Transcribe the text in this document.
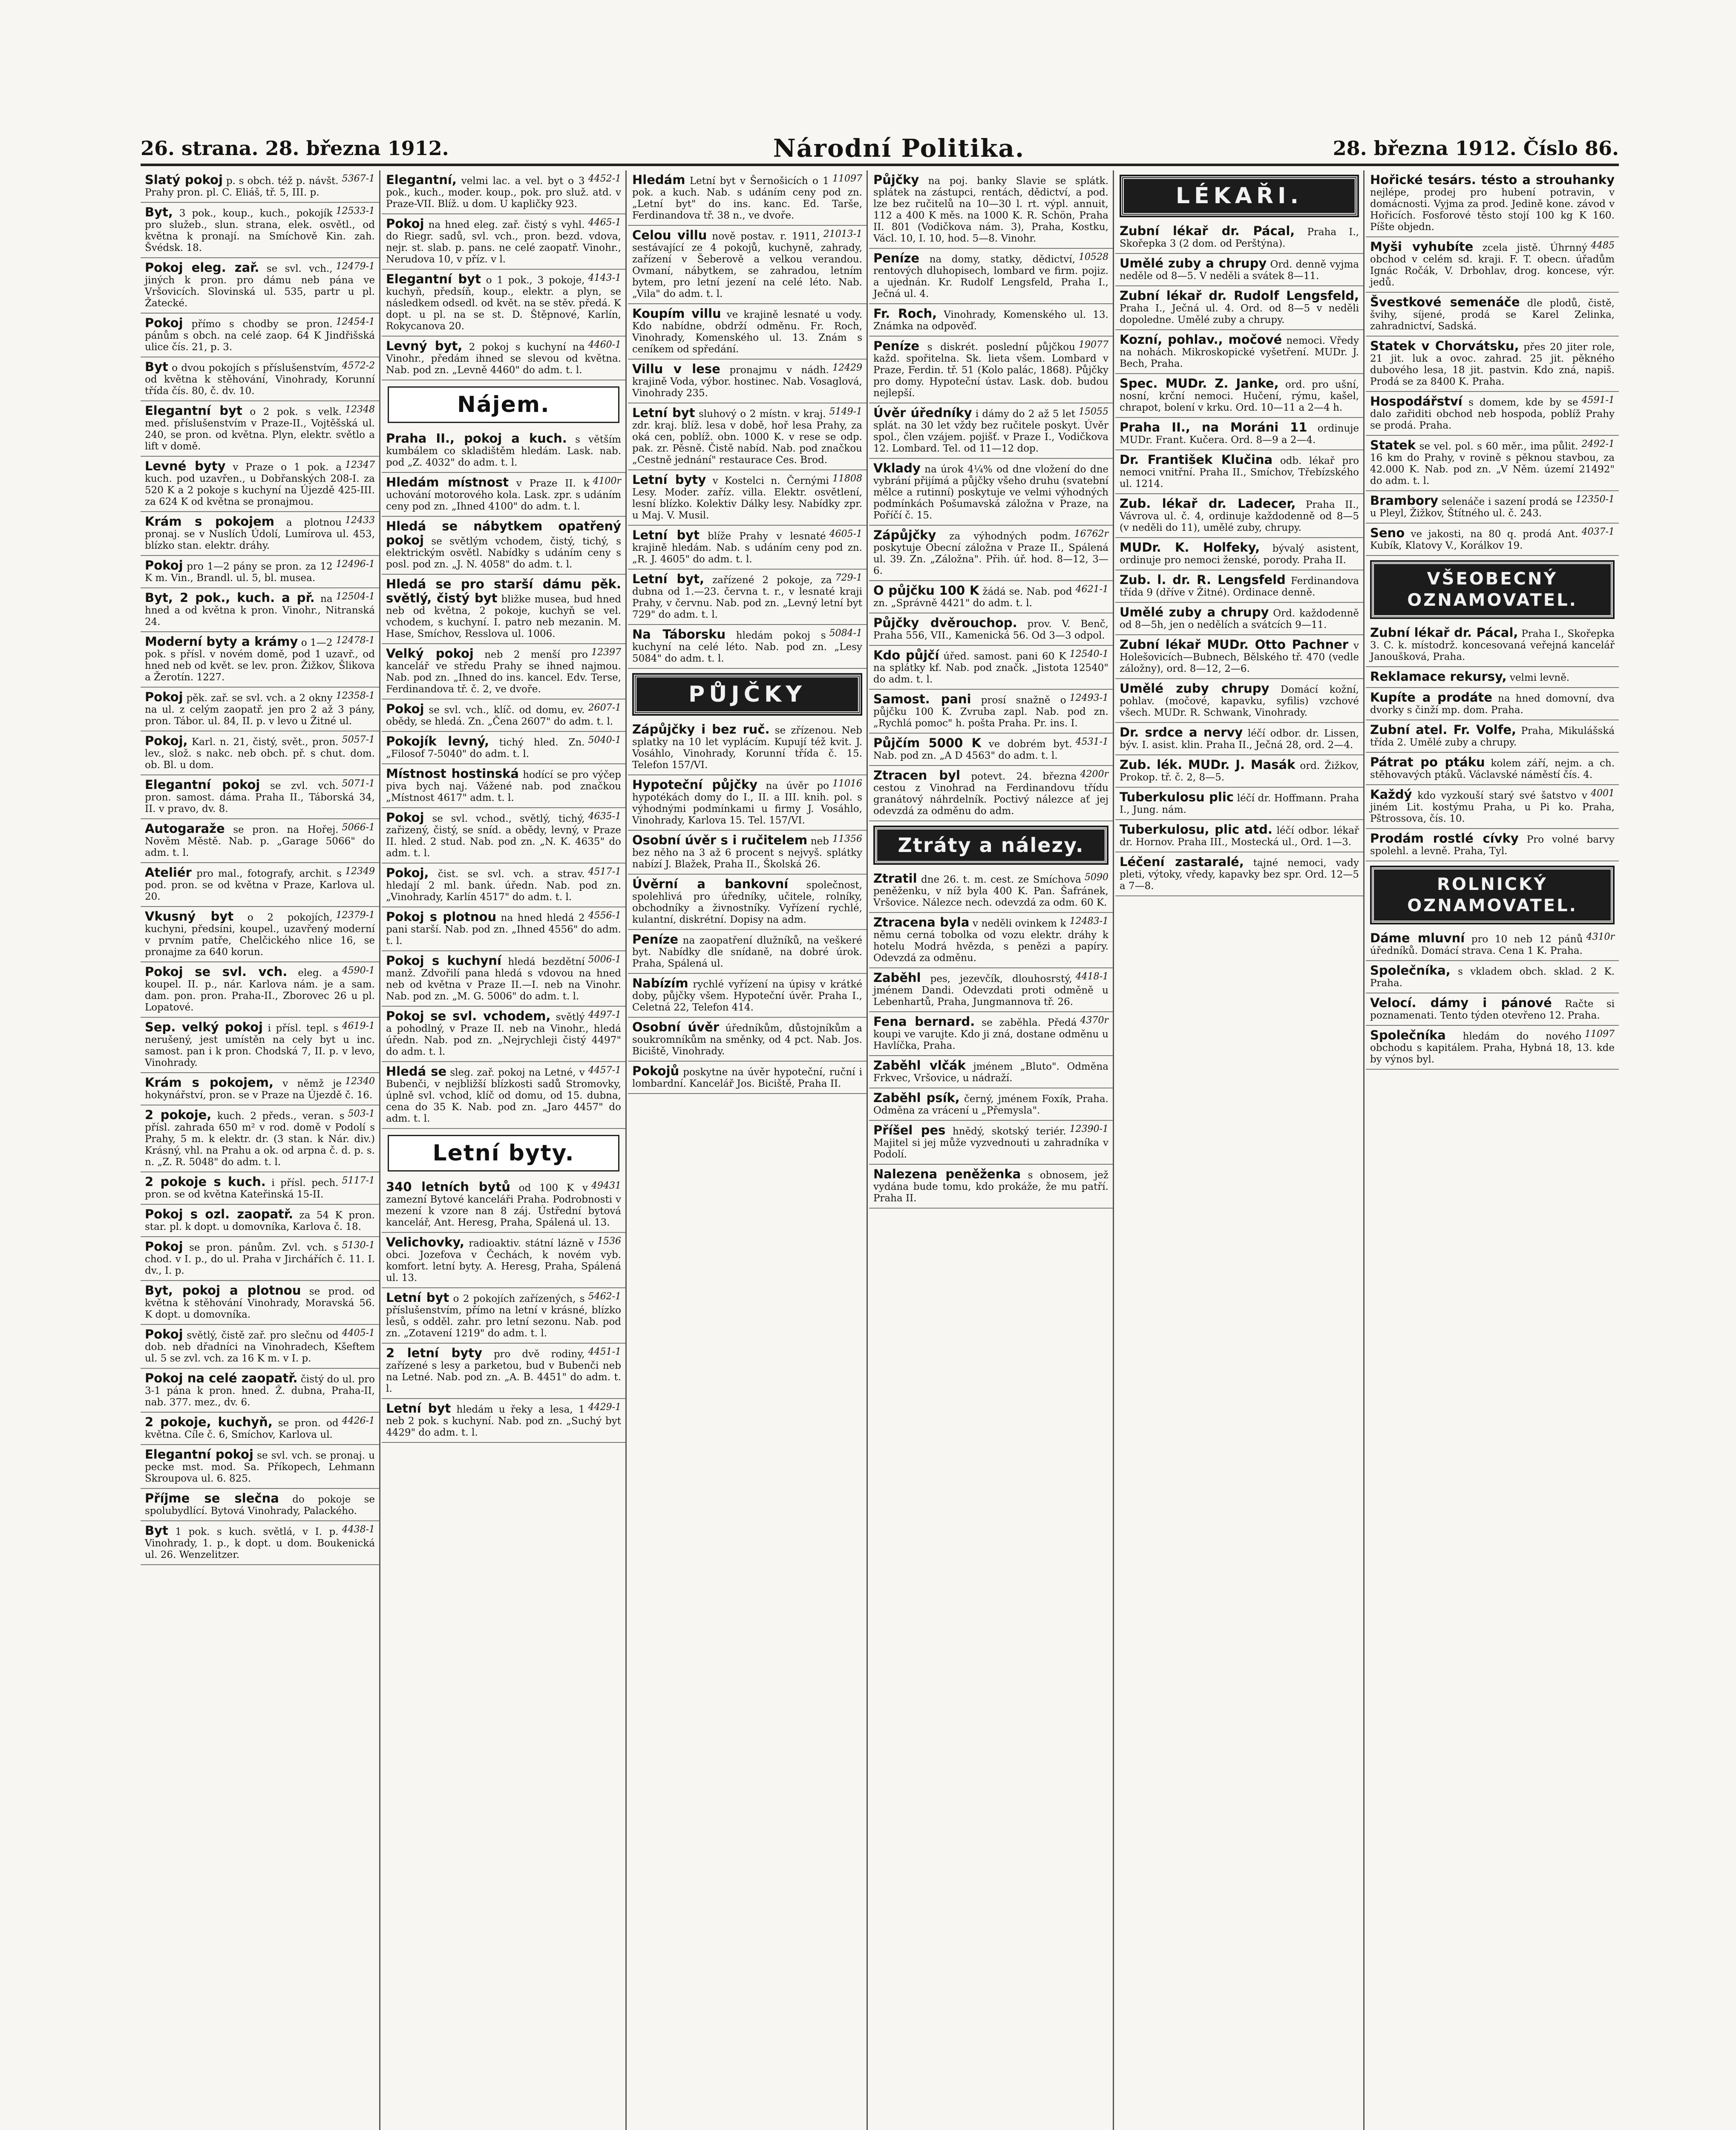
26. strana. 28. března 1912.	Národní Politika.	28. března 1912. Číslo 86.
5367-1
Slatý pokoj p. s obch. též p. návšt. Prahy pron. pl. C. Eliáš, tř. 5, III. p.
12533-1
Byt, 3 pok., koup., kuch., pokojík pro služeb., slun. strana, elek. osvětl., od května k pronají. na Smíchově Kin. zah. Švédsk. 18.
12479-1
Pokoj eleg. zař. se svl. vch., jiných k pron. pro dámu neb pána ve Vršovicích. Slovinská ul. 535, partr u pl. Žatecké.
12454-1
Pokoj přímo s chodby se pron. pánům s obch. na celé zaop. 64 K Jindřišská ulice čís. 21, p. 3.
4572-2
Byt o dvou pokojích s příslušenstvím, od května k stěhování, Vinohrady, Korunní třída čís. 80, č. dv. 10.
12348
Elegantní byt o 2 pok. s velk. med. příslušenstvím v Praze-II., Vojtěšská ul. 240, se pron. od května. Plyn, elektr. světlo a lift v domě.
12347
Levné byty v Praze o 1 pok. a kuch. pod uzavřen., u Dobřanských 208-I. za 520 K a 2 pokoje s kuchyní na Újezdě 425-III. za 624 K od května se pronajmou.
12433
Krám s pokojem a plotnou pronaj. se v Nuslích Údolí, Lumírova ul. 453, blízko stan. elektr. dráhy.
12496-1
Pokoj pro 1—2 pány se pron. za 12 K m. Vin., Brandl. ul. 5, bl. musea.
12504-1
Byt, 2 pok., kuch. a př. na hned a od května k pron. Vinohr., Nitranská 24.
12478-1
Moderní byty a krámy o 1—2 pok. s přísl. v novém domě, pod 1 uzavř., od hned neb od květ. se lev. pron. Žižkov, Šlikova a Žerotín. 1227.
12358-1
Pokoj pěk. zař. se svl. vch. a 2 okny na ul. z celým zaopatř. jen pro 2 až 3 pány, pron. Tábor. ul. 84, II. p. v levo u Žitné ul.
5057-1
Pokoj, Karl. n. 21, čistý, svět., pron. lev., slož. s nakc. neb obch. př. s chut. dom. ob. Bl. u dom.
5071-1
Elegantní pokoj se zvl. vch. pron. samost. dáma. Praha II., Táborská 34, II. v pravo, dv. 8.
5066-1
Autogaraže se pron. na Hořej. Nověm Městě. Nab. p. „Garage 5066" do adm. t. l.
12349
Ateliér pro mal., fotografy, archit. s pod. pron. se od května v Praze, Karlova ul. 20.
12379-1
Vkusný byt o 2 pokojích, kuchyni, předsíni, koupel., uzavřený moderní v prvním patře, Chelčického nlice 16, se pronajme za 640 korun.
4590-1
Pokoj se svl. vch. eleg. a koupel. II. p., nár. Karlova nám. je a sam. dam. pon. pron. Praha-II., Zborovec 26 u pl. Lopatové.
4619-1
Sep. velký pokoj i přísl. tepl. s nerušený, jest umístěn na cely byt u inc. samost. pan i k pron. Chodská 7, II. p. v levo, Vinohrady.
12340
Krám s pokojem, v němž je hokynářství, pron. se v Praze na Újezdě č. 16.
503-1
2 pokoje, kuch. 2 předs., veran. s přísl. zahrada 650 m² v rod. domě v Podolí s Prahy, 5 m. k elektr. dr. (3 stan. k Nár. div.) Krásný, vhl. na Prahu a ok. od arpna č. d. p. s. n. „Z. R. 5048" do adm. t. l.
5117-1
2 pokoje s kuch. i přísl. pech. pron. se od května Kateřinská 15-II.
Pokoj s ozl. zaopatř. za 54 K pron. star. pl. k dopt. u domovníka, Karlova č. 18.
5130-1
Pokoj se pron. pánům. Zvl. vch. s chod. v I. p., do ul. Praha v Jirchářích č. 11. I. dv., I. p.
Byt, pokoj a plotnou se prod. od května k stěhování Vinohrady, Moravská 56. K dopt. u domovníka.
4405-1
Pokoj světlý, čistě zař. pro slečnu od dob. neb dřadníci na Vinohradech, Kšeftem ul. 5 se zvl. vch. za 16 K m. v I. p.
Pokoj na celé zaopatř. čistý do ul. pro 3-1 pána k pron. hned. Ž. dubna, Praha-II, nab. 377. mez., dv. 6.
4426-1
2 pokoje, kuchyň, se pron. od května. Cíle č. 6, Smíchov, Karlova ul.
Elegantní pokoj se svl. vch. se pronaj. u pecke mst. mod. Sa. Příkopech, Lehmann Skroupova ul. 6. 825.
Příjme se slečna do pokoje se spolubydlící. Bytová Vinohrady, Palackého.
4438-1
Byt 1 pok. s kuch. světlá, v I. p. Vinohrady, 1. p., k dopt. u dom. Boukenická ul. 26. Wenzelitzer.
4452-1
Elegantní, velmi lac. a vel. byt o 3 pok., kuch., moder. koup., pok. pro služ. atd. v Praze-VII. Blíž. u dom. U kapličky 923.
4465-1
Pokoj na hned eleg. zař. čistý s vyhl. do Riegr. sadů, svl. vch., pron. bezd. vdova, nejr. st. slab. p. pans. ne celé zaopatř. Vinohr., Nerudova 10, v příz. v l.
4143-1
Elegantní byt o 1 pok., 3 pokoje, kuchyň, předsíň, koup., elektr. a plyn, se následkem odsedl. od květ. na se stěv. předá. K dopt. u pl. na se st. D. Štěpnové, Karlín, Rokycanova 20.
4460-1
Levný byt, 2 pokoj s kuchyní na Vinohr., předám ihned se slevou od května. Nab. pod zn. „Levně 4460" do adm. t. l.
Nájem.
Praha II., pokoj a kuch. s větším kumbálem co skladištěm hledám. Lask. nab. pod „Z. 4032" do adm. t. l.
4100r
Hledám místnost v Praze II. k uchování motorového kola. Lask. zpr. s udáním ceny pod zn. „Ihned 4100" do adm. t. l.
Hledá se nábytkem opatřený pokoj se světlým vchodem, čistý, tichý, s elektrickým osvětl. Nabídky s udáním ceny s posl. pod zn. „J. N. 4058" do adm. t. l.
Hledá se pro starší dámu pěk. světlý, čistý byt bližke musea, bud hned neb od května, 2 pokoje, kuchyň se vel. vchodem, s kuchyní. I. patro neb mezanin. M. Hase, Smíchov, Resslova ul. 1006.
12397
Velký pokoj neb 2 menší pro kancelář ve středu Prahy se ihned najmou. Nab. pod zn. „Ihned do ins. kancel. Edv. Terse, Ferdinandova tř. č. 2, ve dvoře.
2607-1
Pokoj se svl. vch., klíč. od domu, ev. obědy, se hledá. Zn. „Čena 2607" do adm. t. l.
5040-1
Pokojík levný, tichý hled. Zn. „Filosof 7-5040" do adm. t. l.
Místnost hostinská hodící se pro výčep piva bych naj. Vážené nab. pod značkou „Místnost 4617" adm. t. l.
4635-1
Pokoj se svl. vchod., světlý, tichý, zařizený, čistý, se sníd. a obědy, levný, v Praze II. hled. 2 stud. Nab. pod zn. „N. K. 4635" do adm. t. l.
4517-1
Pokoj, čist. se svl. vch. a strav. hledají 2 ml. bank. úředn. Nab. pod zn. „Vinohrady, Karlín 4517" do adm. t. l.
4556-1
Pokoj s plotnou na hned hledá 2 pani starší. Nab. pod zn. „Ihned 4556" do adm. t. l.
5006-1
Pokoj s kuchyní hledá bezdětní manž. Zdvořilí pana hledá s vdovou na hned neb od května v Praze II.—I. neb na Vinohr. Nab. pod zn. „M. G. 5006" do adm. t. l.
4497-1
Pokoj se svl. vchodem, světlý a pohodlný, v Praze II. neb na Vinohr., hledá úředn. Nab. pod zn. „Nejrychleji čistý 4497" do adm. t. l.
4457-1
Hledá se sleg. zař. pokoj na Letné, v Bubenči, v nejbližší blízkosti sadů Stromovky, úplně svl. vchod, klíč od domu, od 15. dubna, cena do 35 K. Nab. pod zn. „Jaro 4457" do adm. t. l.
Letní byty.
49431
340 letních bytů od 100 K v zamezní Bytové kanceláři Praha. Podrobnosti v mezení k vzore nan 8 záj. Ústřední bytová kancelář, Ant. Heresg, Praha, Spálená ul. 13.
1536
Velichovky, radioaktiv. státní lázně v obci. Jozefova v Čechách, k novém vyb. komfort. letní byty. A. Heresg, Praha, Spálená ul. 13.
5462-1
Letní byt o 2 pokojích zařízených, s příslušenstvím, přímo na letní v krásné, blízko lesů, s odděl. zahr. pro letní sezonu. Nab. pod zn. „Zotavení 1219" do adm. t. l.
4451-1
2 letní byty pro dvě rodiny, zařízené s lesy a parketou, bud v Bubenči neb na Letné. Nab. pod zn. „A. B. 4451" do adm. t. l.
4429-1
Letní byt hledám u řeky a lesa, 1 neb 2 pok. s kuchyní. Nab. pod zn. „Suchý byt 4429" do adm. t. l.
11097
Hledám Letní byt v Šernošicích o 1 pok. a kuch. Nab. s udáním ceny pod zn. „Letní byt" do ins. kanc. Ed. Tarše, Ferdinandova tř. 38 n., ve dvoře.
21013-1
Celou villu nově postav. r. 1911, sestávající ze 4 pokojů, kuchyně, zahrady, zařízení v Šeberově a velkou verandou. Ovmaní, nábytkem, se zahradou, letním bytem, pro letní jezení na celé léto. Nab. „Vila" do adm. t. l.
Koupím villu ve krajině lesnaté u vody. Kdo nabídne, obdrží odměnu. Fr. Roch, Vinohrady, Komenského ul. 13. Znám s ceníkem od spředání.
12429
Villu v lese pronajmu v nádh. krajině Voda, výbor. hostinec. Nab. Vosaglová, Vinohrady 235.
5149-1
Letní byt sluhový o 2 místn. v kraj. zdr. kraj. blíž. lesa v době, hoř lesa Prahy, za oká cen, poblíž. obn. 1000 K. v rese se odp. pak. zr. Pěsně. Čistě nabíd. Nab. pod značkou „Cestně jednání" restaurace Ces. Brod.
11808
Letní byty v Kostelci n. Černými Lesy. Moder. zaříz. villa. Elektr. osvětlení, lesní blízko. Kolektiv Dálky lesy. Nabídky zpr. u Maj. V. Musil.
4605-1
Letní byt blíže Prahy v lesnaté krajině hledám. Nab. s udáním ceny pod zn. „R. J. 4605" do adm. t. l.
729-1
Letní byt, zařízené 2 pokoje, za dubna od 1.—23. června t. r., v lesnaté kraji Prahy, v červnu. Nab. pod zn. „Levný letní byt 729" do adm. t. l.
5084-1
Na Táborsku hledám pokoj s kuchyní na celé léto. Nab. pod zn. „Lesy 5084" do adm. t. l.
PŮJČKY
Zápůjčky i bez ruč. se zřízenou. Neb splatky na 10 let vyplácím. Kupují též kvit. J. Vosáhlo, Vinohrady, Korunní třída č. 15. Telefon 157/VI.
11016
Hypoteční půjčky na úvěr po hypotékách domy do I., II. a III. knih. pol. s výhodnými podmínkami u firmy J. Vosáhlo, Vinohrady, Karlova 15. Tel. 157/VI.
11356
Osobní úvěr s i ručitelem neb bez něho na 3 až 6 procent s nejvyš. splátky nabízí J. Blažek, Praha II., Školská 26.
Úvěrní a bankovní společnost, spolehlivá pro úředníky, učitele, rolníky, obchodníky a živnostníky. Vyřízení rychlé, kulantní, diskrétní. Dopisy na adm.
Peníze na zaopatření dlužníků, na veškeré byt. Nabídky dle snídaně, na dobré úrok. Praha, Spálená ul.
Nabízím rychlé vyřízení na úpisy v krátké doby, půjčky všem. Hypoteční úvěr. Praha I., Celetná 22, Telefon 414.
Osobní úvěr úředníkům, důstojníkům a soukromníkům na směnky, od 4 pct. Nab. Jos. Biciště, Vinohrady.
Pokojů poskytne na úvěr hypoteční, ruční i lombardní. Kancelář Jos. Biciště, Praha II.
Půjčky na poj. banky Slavie se splátk. splátek na zástupci, rentách, dědictví, a pod. lze bez ručitelů na 10—30 l. rt. výpl. annuit, 112 a 400 K měs. na 1000 K. R. Schön, Praha II. 801 (Vodičkova nám. 3), Praha, Kostku, Václ. 10, I. 10, hod. 5—8. Vinohr.
10528
Peníze na domy, statky, dědictví, rentových dluhopisech, lombard ve firm. pojiz. a ujednán. Kr. Rudolf Lengsfeld, Praha I., Ječná ul. 4.
Fr. Roch, Vinohrady, Komenského ul. 13. Známka na odpověď.
19077
Peníze s diskrét. poslední půjčkou každ. spořitelna. Sk. lieta všem. Lombard v Praze, Ferdin. tř. 51 (Kolo palác, 1868). Půjčky pro domy. Hypoteční ústav. Lask. dob. budou nejlepší.
15055
Úvěr úředníky i dámy do 2 až 5 let splát. na 30 let vždy bez ručitele poskyt. Úvěr spol., člen vzájem. pojišť. v Praze I., Vodičkova 12. Lombard. Tel. od 11—12 dop.
Vklady na úrok 4¼% od dne vložení do dne vybrání přijímá a půjčky všeho druhu (svatební mělce a rutinní) poskytuje ve velmi výhodných podmínkách Pošumavská záložna v Praze, na Poříčí č. 15.
16762r
Zápůjčky za výhodných podm. poskytuje Obecní záložna v Praze II., Spálená ul. 39. Zn. „Záložna". Přih. úř. hod. 8—12, 3—6.
4621-1
O půjčku 100 K žádá se. Nab. pod zn. „Správně 4421" do adm. t. l.
Půjčky dvěrouchop. prov. V. Benč, Praha 556, VII., Kamenická 56. Od 3—3 odpol.
12540-1
Kdo půjčí úřed. samost. pani 60 K na splátky kf. Nab. pod značk. „Jistota 12540" do adm. t. l.
12493-1
Samost. pani prosí snažně o půjčku 100 K. Zvruba zapl. Nab. pod zn. „Rychlá pomoc" h. pošta Praha. Pr. ins. I.
4531-1
Půjčím 5000 K ve dobrém byt. Nab. pod zn. „A D 4563" do adm. t. l.
4200r
Ztracen byl potevt. 24. března cestou z Vinohrad na Ferdinandovu třídu granátový náhrdelník. Poctivý nálezce ať jej odevzdá za odměnu do adm.
Ztráty a nálezy.
5090
Ztratil dne 26. t. m. cest. ze Smíchova peněženku, v níž byla 400 K. Pan. Šafránek, Vršovice. Nálezce nech. odevzdá za odm. 60 K.
12483-1
Ztracena byla v neděli ovinkem k němu cerná tobolka od vozu elektr. dráhy k hotelu Modrá hvězda, s penězi a papíry. Odevzdá za odměnu.
4418-1
Zaběhl pes, jezevčík, dlouhosrstý, jménem Dandi. Odevzdati proti odměně u Lebenhartů, Praha, Jungmannova tř. 26.
4370r
Fena bernard. se zaběhla. Předá koupi ve varujte. Kdo ji zná, dostane odměnu u Havlíčka, Praha.
Zaběhl vlčák jménem „Bluto". Odměna Frkvec, Vršovice, u nádraží.
Zaběhl psík, černý, jménem Foxík, Praha. Odměna za vrácení u „Přemysla".
12390-1
Příšel pes hnědý, skotský teriér. Majitel si jej může vyzvednouti u zahradníka v Podolí.
Nalezena peněženka s obnosem, jež vydána bude tomu, kdo prokáže, že mu patří. Praha II.
LÉKAŘI.
Zubní lékař dr. Pácal, Praha I., Skořepka 3 (2 dom. od Perštýna).
Umělé zuby a chrupy Ord. denně vyjma neděle od 8—5. V neděli a svátek 8—11.
Zubní lékař dr. Rudolf Lengsfeld, Praha I., Ječná ul. 4. Ord. od 8—5 v neděli dopoledne. Umělé zuby a chrupy.
Kozní, pohlav., močové nemoci. Vředy na nohách. Mikroskopické vyšetření. MUDr. J. Bech, Praha.
Spec. MUDr. Z. Janke, ord. pro ušní, nosní, krční nemoci. Hučení, rýmu, kašel, chrapot, bolení v krku. Ord. 10—11 a 2—4 h.
Praha II., na Moráni 11 ordinuje MUDr. Frant. Kučera. Ord. 8—9 a 2—4.
Dr. František Klučina odb. lékař pro nemoci vnitřní. Praha II., Smíchov, Třebízského ul. 1214.
Zub. lékař dr. Ladecer, Praha II., Vávrova ul. č. 4, ordinuje každodenně od 8—5 (v neděli do 11), umělé zuby, chrupy.
MUDr. K. Holfeky, bývalý asistent, ordinuje pro nemoci ženské, porody. Praha II.
Zub. l. dr. R. Lengsfeld Ferdinandova třída 9 (dříve v Žitné). Ordinace denně.
Umělé zuby a chrupy Ord. každodenně od 8—5h, jen o nedělích a svátcích 9—11.
Zubní lékař MUDr. Otto Pachner v Holešovicích—Bubnech, Bělského tř. 470 (vedle záložny), ord. 8—12, 2—6.
Umělé zuby chrupy Domácí kožní, pohlav. (močové, kapavku, syfilis) vzchové všech. MUDr. R. Schwank, Vinohrady.
Dr. srdce a nervy léčí odbor. dr. Lissen, býv. I. asist. klin. Praha II., Ječná 28, ord. 2—4.
Zub. lék. MUDr. J. Masák ord. Žižkov, Prokop. tř. č. 2, 8—5.
Tuberkulosu plic léčí dr. Hoffmann. Praha I., Jung. nám.
Tuberkulosu, plic atd. léčí odbor. lékař dr. Hornov. Praha III., Mostecká ul., Ord. 1—3.
Léčení zastaralé, tajné nemoci, vady pleti, výtoky, vředy, kapavky bez spr. Ord. 12—5 a 7—8.
Hořické tesárs. tésto a strouhanky nejlépe, prodej pro hubení potravin, v domácnosti. Vyjma za prod. Jedině kone. závod v Hořicích. Fosforové těsto stojí 100 kg K 160. Píšte objedn.
4485
Myši vyhubíte zcela jistě. Úhrnný obchod v celém sd. kraji. F. T. obecn. úřadům Ignác Ročák, V. Drbohlav, drog. koncese, výr. jedů.
Švestkové semenáče dle plodů, čistě, švihy, síjené, prodá se Karel Zelinka, zahradnictví, Sadská.
Statek v Chorvátsku, přes 20 jiter role, 21 jit. luk a ovoc. zahrad. 25 jit. pěkného dubového lesa, 18 jit. pastvin. Kdo zná, napiš. Prodá se za 8400 K. Praha.
4591-1
Hospodářství s domem, kde by se dalo zařiditi obchod neb hospoda, poblíž Prahy se prodá. Praha.
2492-1
Statek se vel. pol. s 60 měr., ima půlit. 16 km do Prahy, v rovině s pěknou stavbou, za 42.000 K. Nab. pod zn. „V Něm. území 21492" do adm. t. l.
12350-1
Brambory selenáče i sazení prodá se u Pleyl, Žižkov, Štítného ul. č. 243.
4037-1
Seno ve jakosti, na 80 q. prodá Ant. Kubík, Klatovy V., Korálkov 19.
VŠEOBECNÝ OZNAMOVATEL.
Zubní lékař dr. Pácal, Praha I., Skořepka 3. C. k. místodrž. koncesovaná veřejná kancelář Janoušková, Praha.
Reklamace rekursy, velmi levně.
Kupíte a prodáte na hned domovní, dva dvorky s činží mp. dom. Praha.
Zubní atel. Fr. Volfe, Praha, Mikulášská třída 2. Umělé zuby a chrupy.
Pátrat po ptáku kolem září, nejm. a ch. stěhovavých ptáků. Václavské náměstí čís. 4.
4001
Každý kdo vyzkouší starý své šatstvo v jiném Lit. kostýmu Praha, u Pi ko. Praha, Pštrossova, čís. 10.
Prodám rostlé cívky Pro volné barvy spolehl. a levně. Praha, Tyl.
ROLNICKÝ OZNAMOVATEL.
4310r
Dáme mluvní pro 10 neb 12 pánů úředníků. Domácí strava. Cena 1 K. Praha.
Společníka, s vkladem obch. sklad. 2 K. Praha.
Velocí. dámy i pánové Račte si poznamenati. Tento týden otevřeno 12. Praha.
11097
Společníka hledám do nového obchodu s kapitálem. Praha, Hybná 18, 13. kde by výnos byl.
